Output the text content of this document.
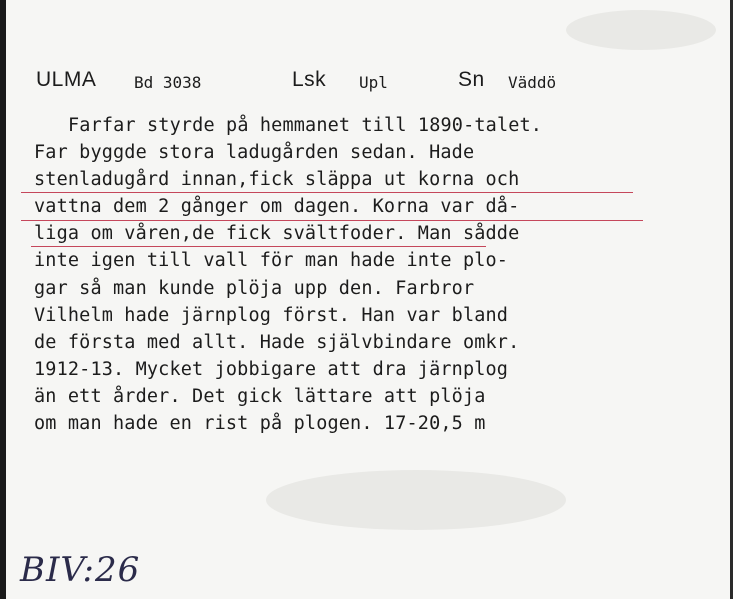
ULMA Bd 3038	Lsk Upl	Sn Väddö
Farfar styrde på hemmanet till 1890-talet.
Far byggde stora ladugården sedan. Hade
stenladugård innan,fick släppa ut korna och
vattna dem 2 gånger om dagen. Korna var då-
liga om våren,de fick svältfoder. Man sådde
inte igen till vall för man hade inte plo-
gar så man kunde plöja upp den. Farbror
Vilhelm hade järnplog först. Han var bland
de första med allt. Hade självbindare omkr.
1912-13. Mycket jobbigare att dra järnplog
än ett årder. Det gick lättare att plöja
om man hade en rist på plogen. 17-20,5 m
BIV:26
